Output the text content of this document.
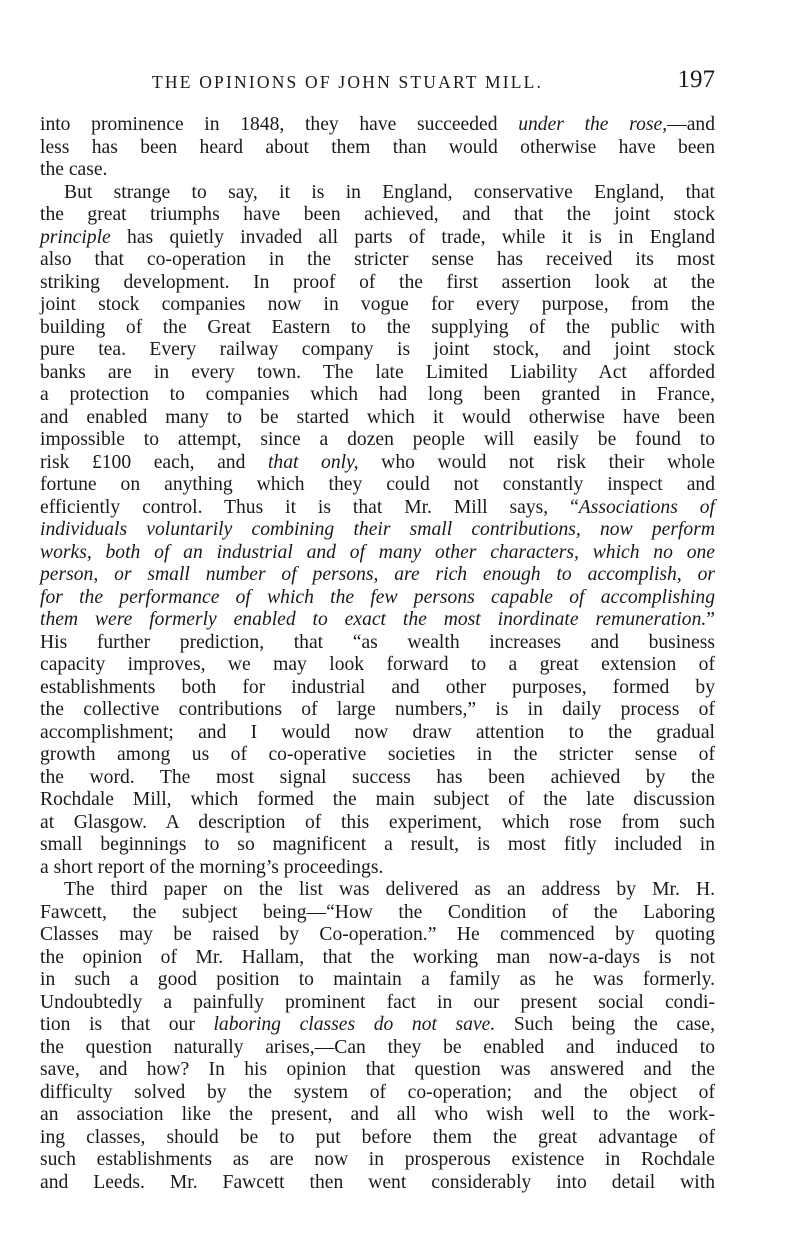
THE OPINIONS OF JOHN STUART MILL.	197
into prominence in 1848, they have succeeded under the rose,—and
less has been heard about them than would otherwise have been
the case.
But strange to say, it is in England, conservative England, that
the great triumphs have been achieved, and that the joint stock
principle has quietly invaded all parts of trade, while it is in England
also that co-operation in the stricter sense has received its most
striking development. In proof of the first assertion look at the
joint stock companies now in vogue for every purpose, from the
building of the Great Eastern to the supplying of the public with
pure tea. Every railway company is joint stock, and joint stock
banks are in every town. The late Limited Liability Act afforded
a protection to companies which had long been granted in France,
and enabled many to be started which it would otherwise have been
impossible to attempt, since a dozen people will easily be found to
risk £100 each, and that only, who would not risk their whole
fortune on anything which they could not constantly inspect and
efficiently control. Thus it is that Mr. Mill says, “Associations of
individuals voluntarily combining their small contributions, now perform
works, both of an industrial and of many other characters, which no one
person, or small number of persons, are rich enough to accomplish, or
for the performance of which the few persons capable of accomplishing
them were formerly enabled to exact the most inordinate remuneration.”
His further prediction, that “as wealth increases and business
capacity improves, we may look forward to a great extension of
establishments both for industrial and other purposes, formed by
the collective contributions of large numbers,” is in daily process of
accomplishment; and I would now draw attention to the gradual
growth among us of co-operative societies in the stricter sense of
the word. The most signal success has been achieved by the
Rochdale Mill, which formed the main subject of the late discussion
at Glasgow. A description of this experiment, which rose from such
small beginnings to so magnificent a result, is most fitly included in
a short report of the morning’s proceedings.
The third paper on the list was delivered as an address by Mr. H.
Fawcett, the subject being—“How the Condition of the Laboring
Classes may be raised by Co-operation.” He commenced by quoting
the opinion of Mr. Hallam, that the working man now-a-days is not
in such a good position to maintain a family as he was formerly.
Undoubtedly a painfully prominent fact in our present social condi-
tion is that our laboring classes do not save. Such being the case,
the question naturally arises,—Can they be enabled and induced to
save, and how? In his opinion that question was answered and the
difficulty solved by the system of co-operation; and the object of
an association like the present, and all who wish well to the work-
ing classes, should be to put before them the great advantage of
such establishments as are now in prosperous existence in Rochdale
and Leeds. Mr. Fawcett then went considerably into detail with
